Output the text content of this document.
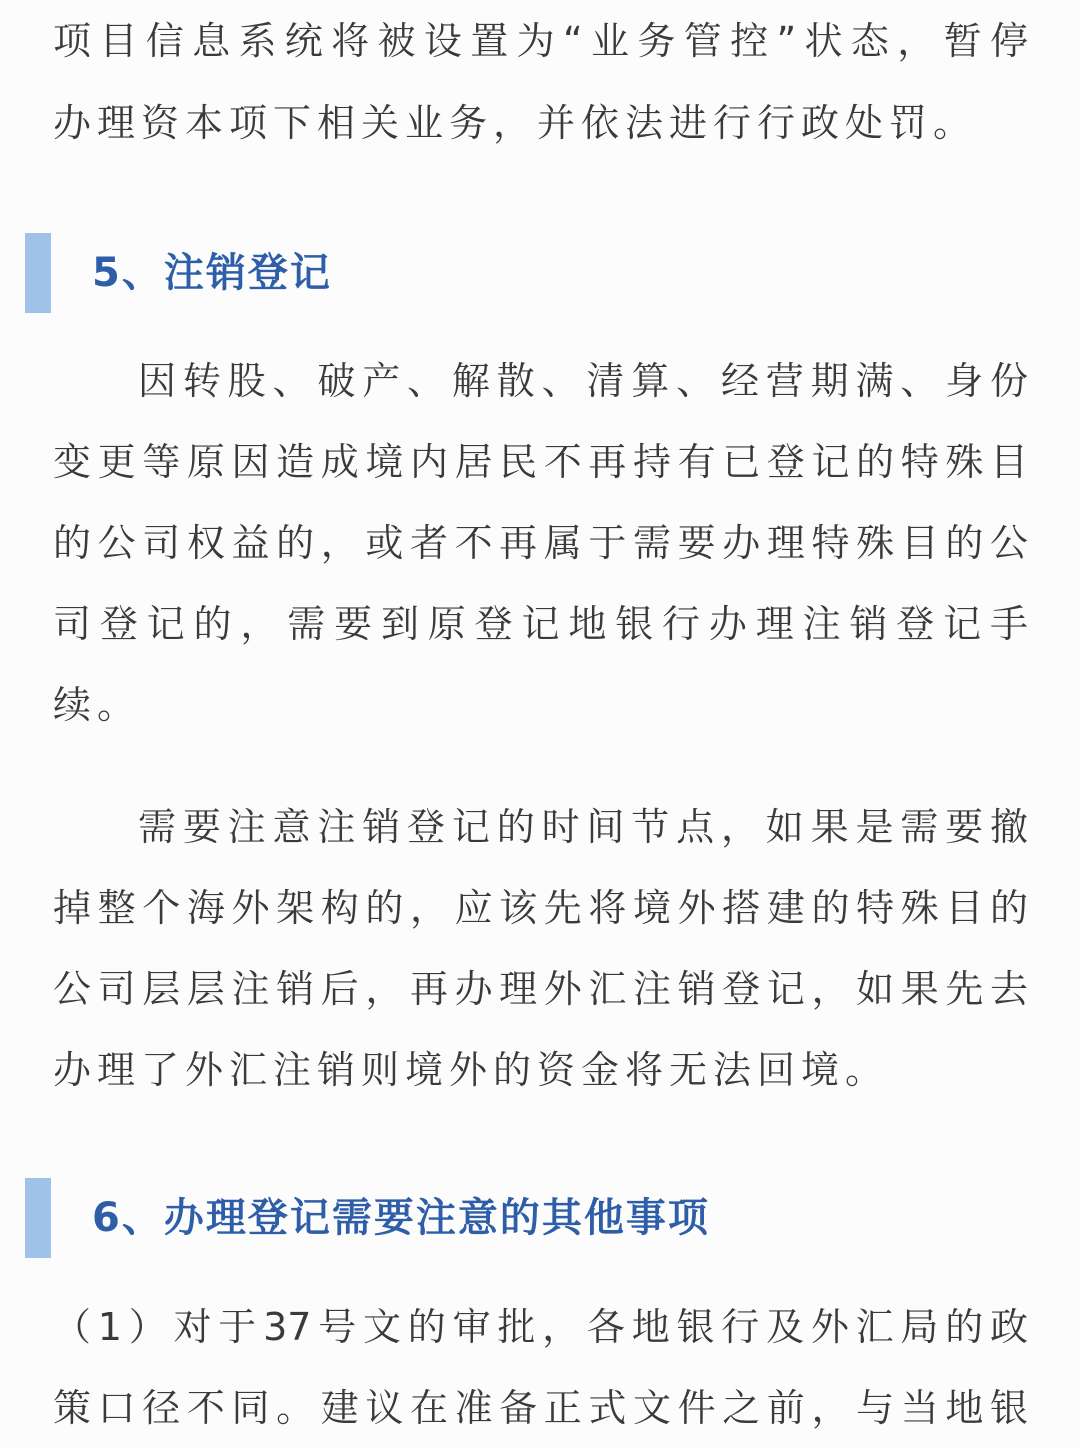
项目信息系统将被设置为“业务管控”状态，暂停
办理资本项下相关业务，并依法进行行政处罚。
5、注销登记
因转股、破产、解散、清算、经营期满、身份
变更等原因造成境内居民不再持有已登记的特殊目
的公司权益的，或者不再属于需要办理特殊目的公
司登记的，需要到原登记地银行办理注销登记手
续。
需要注意注销登记的时间节点，如果是需要撤
掉整个海外架构的，应该先将境外搭建的特殊目的
公司层层注销后，再办理外汇注销登记，如果先去
办理了外汇注销则境外的资金将无法回境。
6、办理登记需要注意的其他事项
（1）对于37号文的审批，各地银行及外汇局的政
策口径不同。建议在准备正式文件之前，与当地银
